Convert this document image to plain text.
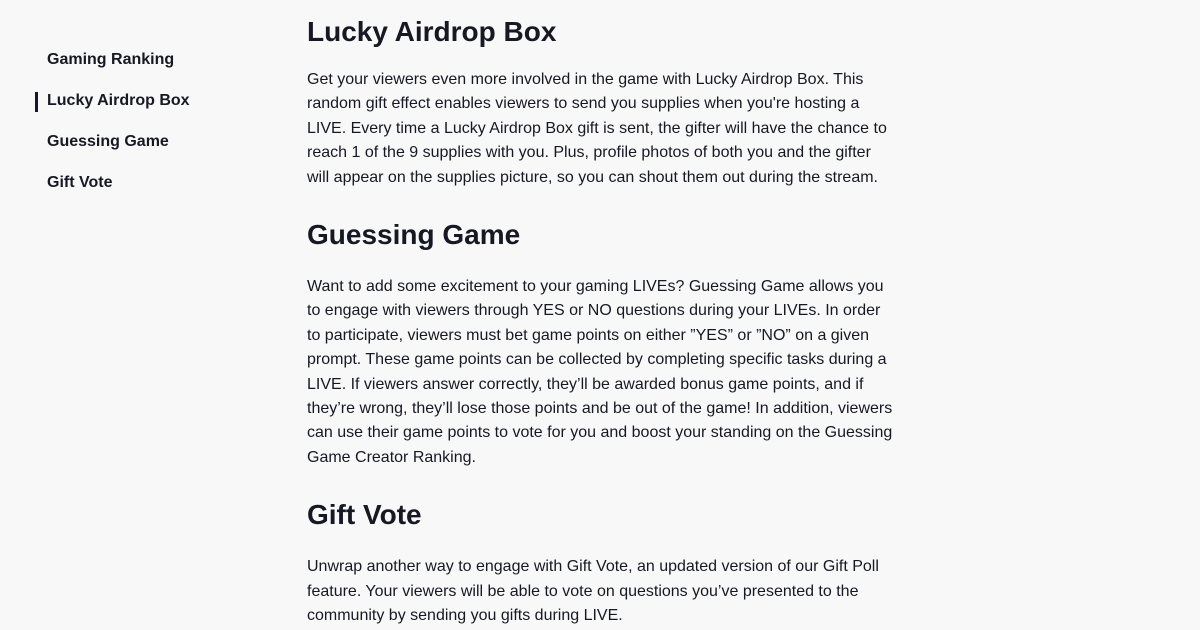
Gaming Ranking
Lucky Airdrop Box
Guessing Game
Gift Vote
Lucky Airdrop Box

Get your viewers even more involved in the game with Lucky Airdrop Box. This random gift effect enables viewers to send you supplies when you're hosting a LIVE. Every time a Lucky Airdrop Box gift is sent, the gifter will have the chance to reach 1 of the 9 supplies with you. Plus, profile photos of both you and the gifter will appear on the supplies picture, so you can shout them out during the stream.

Guessing Game

Want to add some excitement to your gaming LIVEs? Guessing Game allows you to engage with viewers through YES or NO questions during your LIVEs. In order to participate, viewers must bet game points on either ”YES” or ”NO” on a given prompt. These game points can be collected by completing specific tasks during a LIVE. If viewers answer correctly, they’ll be awarded bonus game points, and if they’re wrong, they’ll lose those points and be out of the game! In addition, viewers can use their game points to vote for you and boost your standing on the Guessing Game Creator Ranking.

Gift Vote

Unwrap another way to engage with Gift Vote, an updated version of our Gift Poll feature. Your viewers will be able to vote on questions you’ve presented to the community by sending you gifts during LIVE.
